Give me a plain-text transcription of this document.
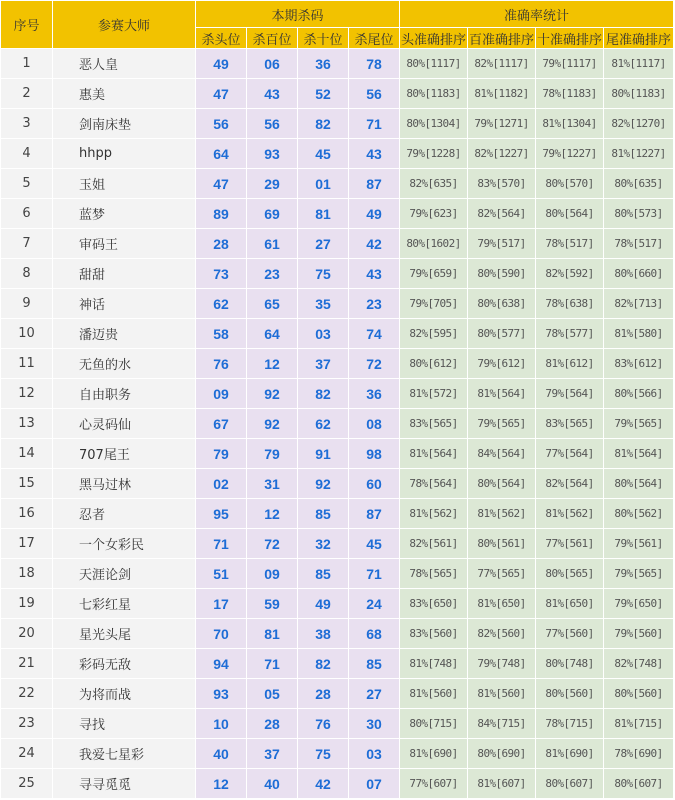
序号	参赛大师	本期杀码				准确率统计			
		杀头位	杀百位	杀十位	杀尾位	头准确排序	百准确排序	十准确排序	尾准确排序
1	恶人皇	49	06	36	78	80%[1117]	82%[1117]	79%[1117]	81%[1117]
2	惠美	47	43	52	56	80%[1183]	81%[1182]	78%[1183]	80%[1183]
3	剑南床垫	56	56	82	71	80%[1304]	79%[1271]	81%[1304]	82%[1270]
4	hhpp	64	93	45	43	79%[1228]	82%[1227]	79%[1227]	81%[1227]
5	玉姐	47	29	01	87	82%[635]	83%[570]	80%[570]	80%[635]
6	蓝梦	89	69	81	49	79%[623]	82%[564]	80%[564]	80%[573]
7	审码王	28	61	27	42	80%[1602]	79%[517]	78%[517]	78%[517]
8	甜甜	73	23	75	43	79%[659]	80%[590]	82%[592]	80%[660]
9	神话	62	65	35	23	79%[705]	80%[638]	78%[638]	82%[713]
10	潘迈贵	58	64	03	74	82%[595]	80%[577]	78%[577]	81%[580]
11	无鱼的水	76	12	37	72	80%[612]	79%[612]	81%[612]	83%[612]
12	自由职务	09	92	82	36	81%[572]	81%[564]	79%[564]	80%[566]
13	心灵码仙	67	92	62	08	83%[565]	79%[565]	83%[565]	79%[565]
14	707尾王	79	79	91	98	81%[564]	84%[564]	77%[564]	81%[564]
15	黑马过林	02	31	92	60	78%[564]	80%[564]	82%[564]	80%[564]
16	忍者	95	12	85	87	81%[562]	81%[562]	81%[562]	80%[562]
17	一个女彩民	71	72	32	45	82%[561]	80%[561]	77%[561]	79%[561]
18	天涯论剑	51	09	85	71	78%[565]	77%[565]	80%[565]	79%[565]
19	七彩红星	17	59	49	24	83%[650]	81%[650]	81%[650]	79%[650]
20	星光头尾	70	81	38	68	83%[560]	82%[560]	77%[560]	79%[560]
21	彩码无敌	94	71	82	85	81%[748]	79%[748]	80%[748]	82%[748]
22	为将而战	93	05	28	27	81%[560]	81%[560]	80%[560]	80%[560]
23	寻找	10	28	76	30	80%[715]	84%[715]	78%[715]	81%[715]
24	我爱七星彩	40	37	75	03	81%[690]	80%[690]	81%[690]	78%[690]
25	寻寻觅觅	12	40	42	07	77%[607]	81%[607]	80%[607]	80%[607]
